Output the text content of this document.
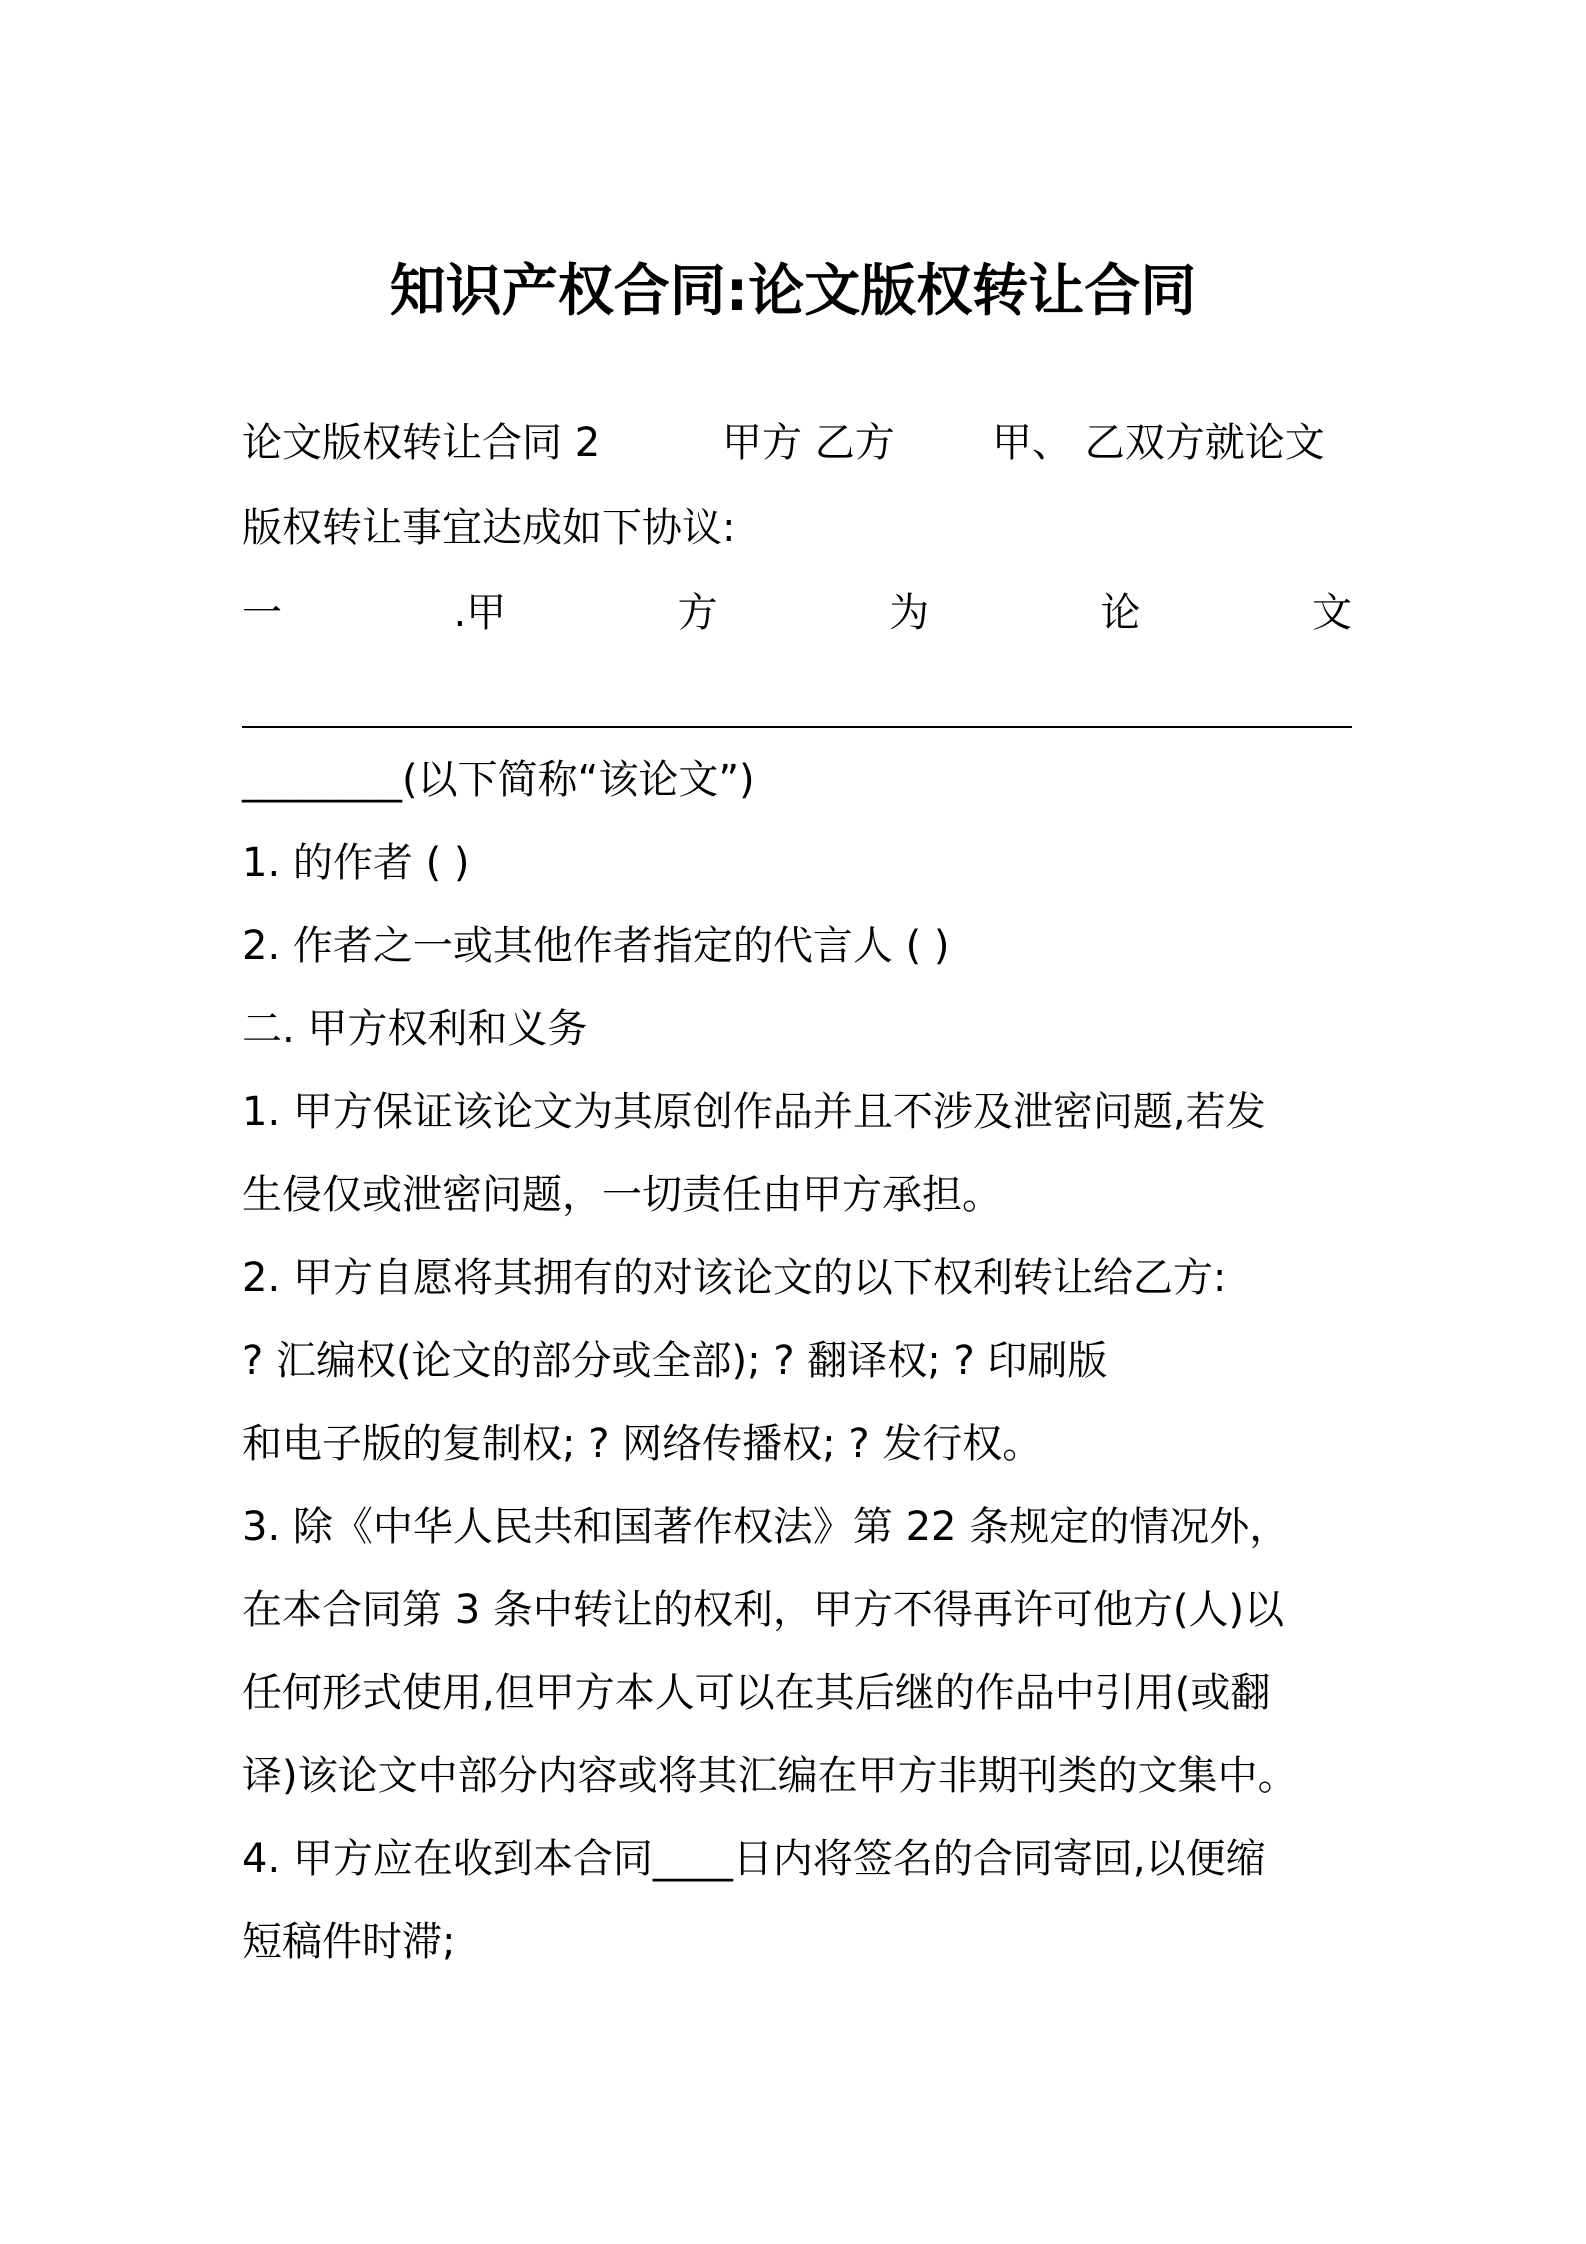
知识产权合同:论文版权转让合同
论文版权转让合同 2	甲方 乙方 甲、 乙双方就论文
版权转让事宜达成如下协议:
一	.甲	方	为	论	文
________(以下简称“该论文”)
1. 的作者 ( )
2. 作者之一或其他作者指定的代言人 ( )
二. 甲方权利和义务
1. 甲方保证该论文为其原创作品并且不涉及泄密问题,若发
生侵仅或泄密问题，一切责任由甲方承担。
2. 甲方自愿将其拥有的对该论文的以下权利转让给乙方:
? 汇编权(论文的部分或全部); ? 翻译权; ? 印刷版
和电子版的复制权; ? 网络传播权; ? 发行权。
3. 除《中华人民共和国著作权法》第 22 条规定的情况外，
在本合同第 3 条中转让的权利，甲方不得再许可他方(人)以
任何形式使用,但甲方本人可以在其后继的作品中引用(或翻
译)该论文中部分内容或将其汇编在甲方非期刊类的文集中。
4. 甲方应在收到本合同____日内将签名的合同寄回,以便缩
短稿件时滞;
